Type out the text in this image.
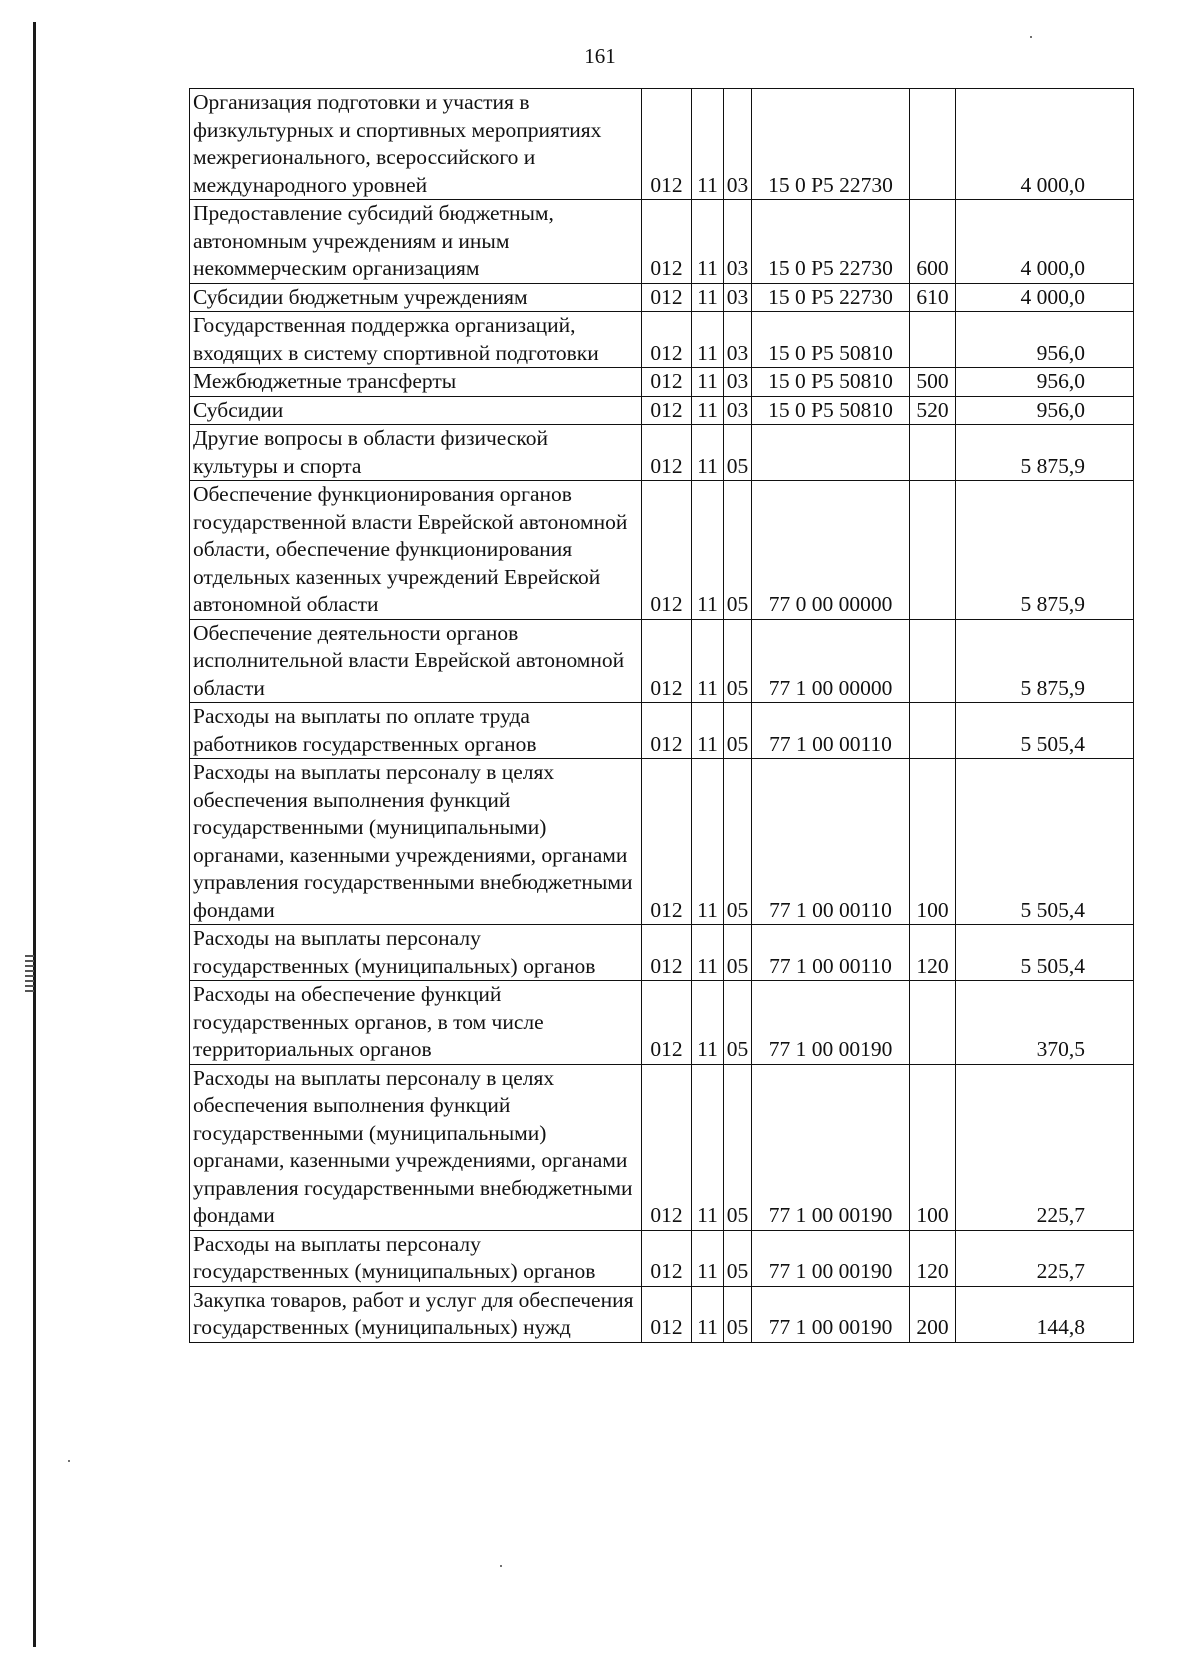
161
Организация подготовки и участия в физкультурных и спортивных мероприятиях межрегионального, всероссийского и международного уровней	012	11	03	15 0 Р5 22730		4 000,0
Предоставление субсидий бюджетным, автономным учреждениям и иным некоммерческим организациям	012	11	03	15 0 Р5 22730	600	4 000,0
Субсидии бюджетным учреждениям	012	11	03	15 0 Р5 22730	610	4 000,0
Государственная поддержка организаций, входящих в систему спортивной подготовки	012	11	03	15 0 Р5 50810		956,0
Межбюджетные трансферты	012	11	03	15 0 Р5 50810	500	956,0
Субсидии	012	11	03	15 0 Р5 50810	520	956,0
Другие вопросы в области физической культуры и спорта	012	11	05			5 875,9
Обеспечение функционирования органов государственной власти Еврейской автономной области, обеспечение функционирования отдельных казенных учреждений Еврейской автономной области	012	11	05	77 0 00 00000		5 875,9
Обеспечение деятельности органов исполнительной власти Еврейской автономной области	012	11	05	77 1 00 00000		5 875,9
Расходы на выплаты по оплате труда работников государственных органов	012	11	05	77 1 00 00110		5 505,4
Расходы на выплаты персоналу в целях обеспечения выполнения функций государственными (муниципальными) органами, казенными учреждениями, органами управления государственными внебюджетными фондами	012	11	05	77 1 00 00110	100	5 505,4
Расходы на выплаты персоналу государственных (муниципальных) органов	012	11	05	77 1 00 00110	120	5 505,4
Расходы на обеспечение функций государственных органов, в том числе территориальных органов	012	11	05	77 1 00 00190		370,5
Расходы на выплаты персоналу в целях обеспечения выполнения функций государственными (муниципальными) органами, казенными учреждениями, органами управления государственными внебюджетными фондами	012	11	05	77 1 00 00190	100	225,7
Расходы на выплаты персоналу государственных (муниципальных) органов	012	11	05	77 1 00 00190	120	225,7
Закупка товаров, работ и услуг для обеспечения государственных (муниципальных) нужд	012	11	05	77 1 00 00190	200	144,8
